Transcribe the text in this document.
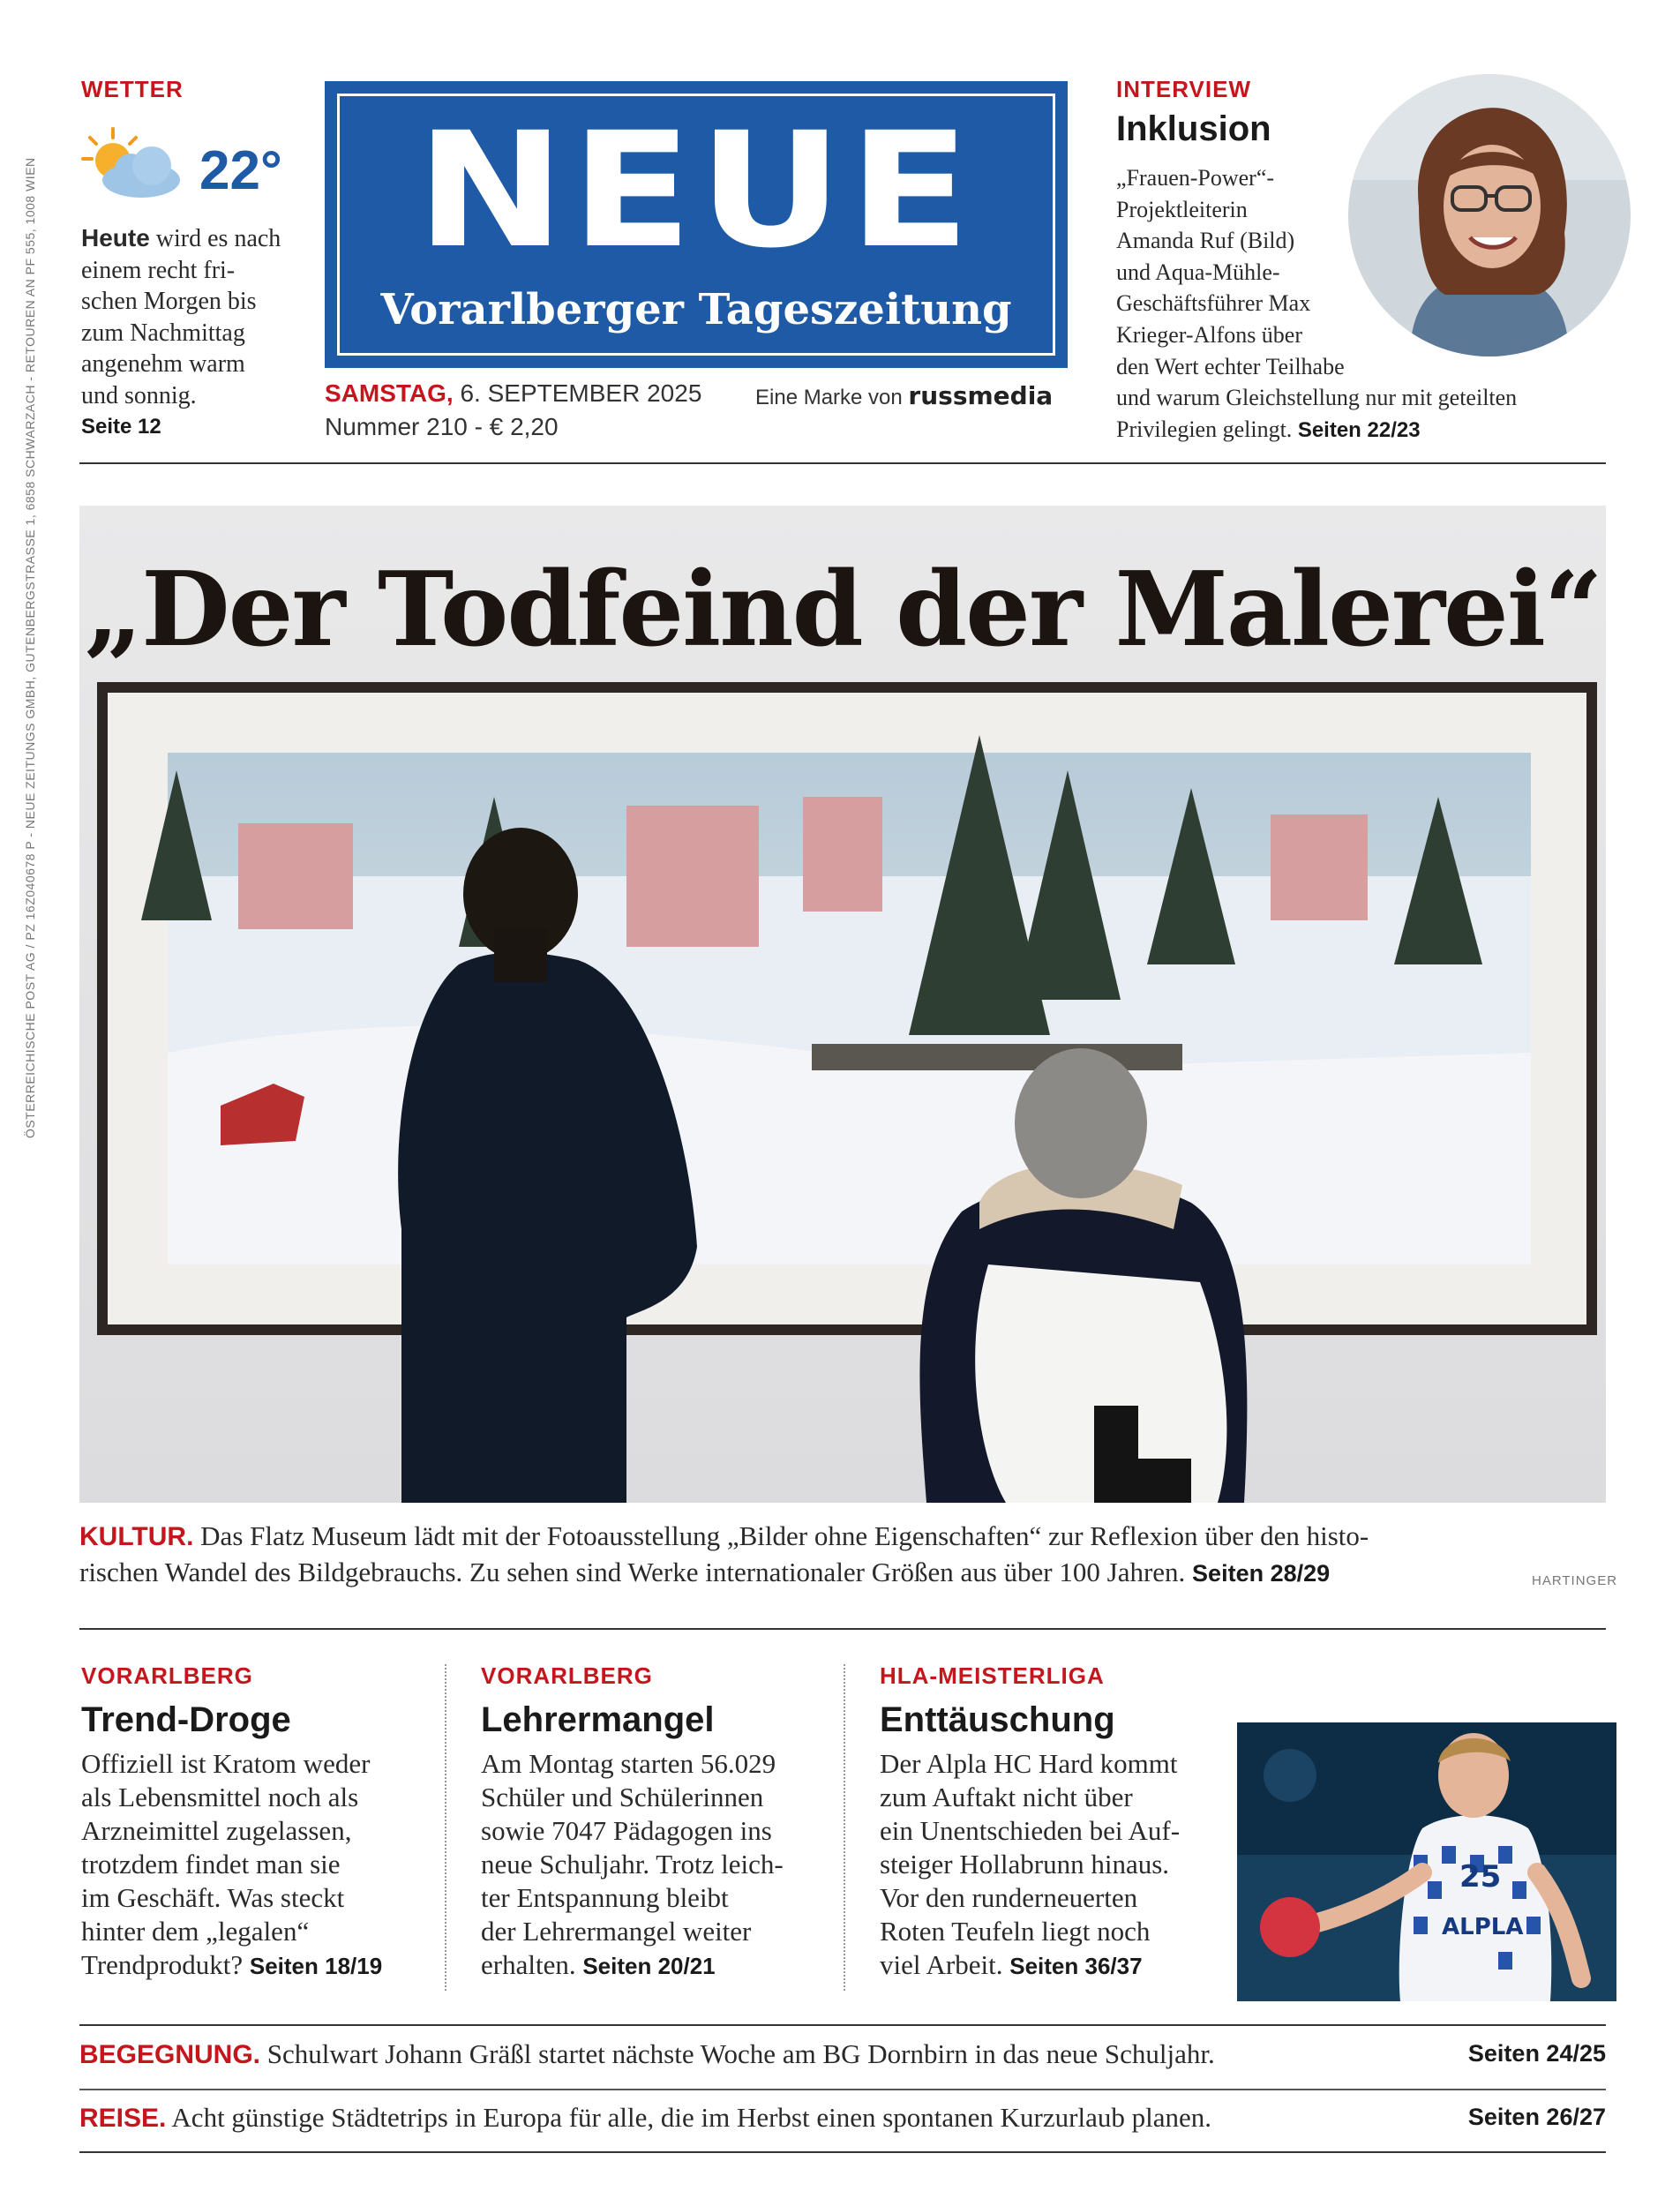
ÖSTERREICHISCHE POST AG / PZ 16Z040678 P - NEUE ZEITUNGS GMBH, GUTENBERGSTRASSE 1, 6858 SCHWARZACH - RETOUREN AN PF 555, 1008 WIEN
WETTER
22°
Heute wird es nach
einem recht fri-
schen Morgen bis
zum Nachmittag
angenehm warm
und sonnig.
Seite 12
NEUE
Vorarlberger Tageszeitung
SAMSTAG, 6. SEPTEMBER 2025
Nummer 210 - € 2,20
Eine Marke von russmedia
INTERVIEW
Inklusion
„Frauen-Power“-
Projektleiterin
Amanda Ruf (Bild)
und Aqua-Mühle-
Geschäftsführer Max
Krieger-Alfons über
den Wert echter Teilhabe
und warum Gleichstellung nur mit geteilten
Privilegien gelingt. Seiten 22/23
„Der Todfeind der Malerei“
KULTUR. Das Flatz Museum lädt mit der Fotoausstellung „Bilder ohne Eigenschaften“ zur Reflexion über den histo-
rischen Wandel des Bildgebrauchs. Zu sehen sind Werke internationaler Größen aus über 100 Jahren. Seiten 28/29	HARTINGER
VORARLBERG
Trend-Droge
Offiziell ist Kratom weder
als Lebensmittel noch als
Arzneimittel zugelassen,
trotzdem findet man sie
im Geschäft. Was steckt
hinter dem „legalen“
Trendprodukt? Seiten 18/19
VORARLBERG
Lehrermangel
Am Montag starten 56.029
Schüler und Schülerinnen
sowie 7047 Pädagogen ins
neue Schuljahr. Trotz leich-
ter Entspannung bleibt
der Lehrermangel weiter
erhalten. Seiten 20/21
HLA-MEISTERLIGA
Enttäuschung
Der Alpla HC Hard kommt
zum Auftakt nicht über
ein Unentschieden bei Auf-
steiger Hollabrunn hinaus.
Vor den runderneuerten
Roten Teufeln liegt noch
viel Arbeit. Seiten 36/37
25
ALPLA
BEGEGNUNG. Schulwart Johann Gräßl startet nächste Woche am BG Dornbirn in das neue Schuljahr.	Seiten 24/25
REISE. Acht günstige Städtetrips in Europa für alle, die im Herbst einen spontanen Kurzurlaub planen.	Seiten 26/27
